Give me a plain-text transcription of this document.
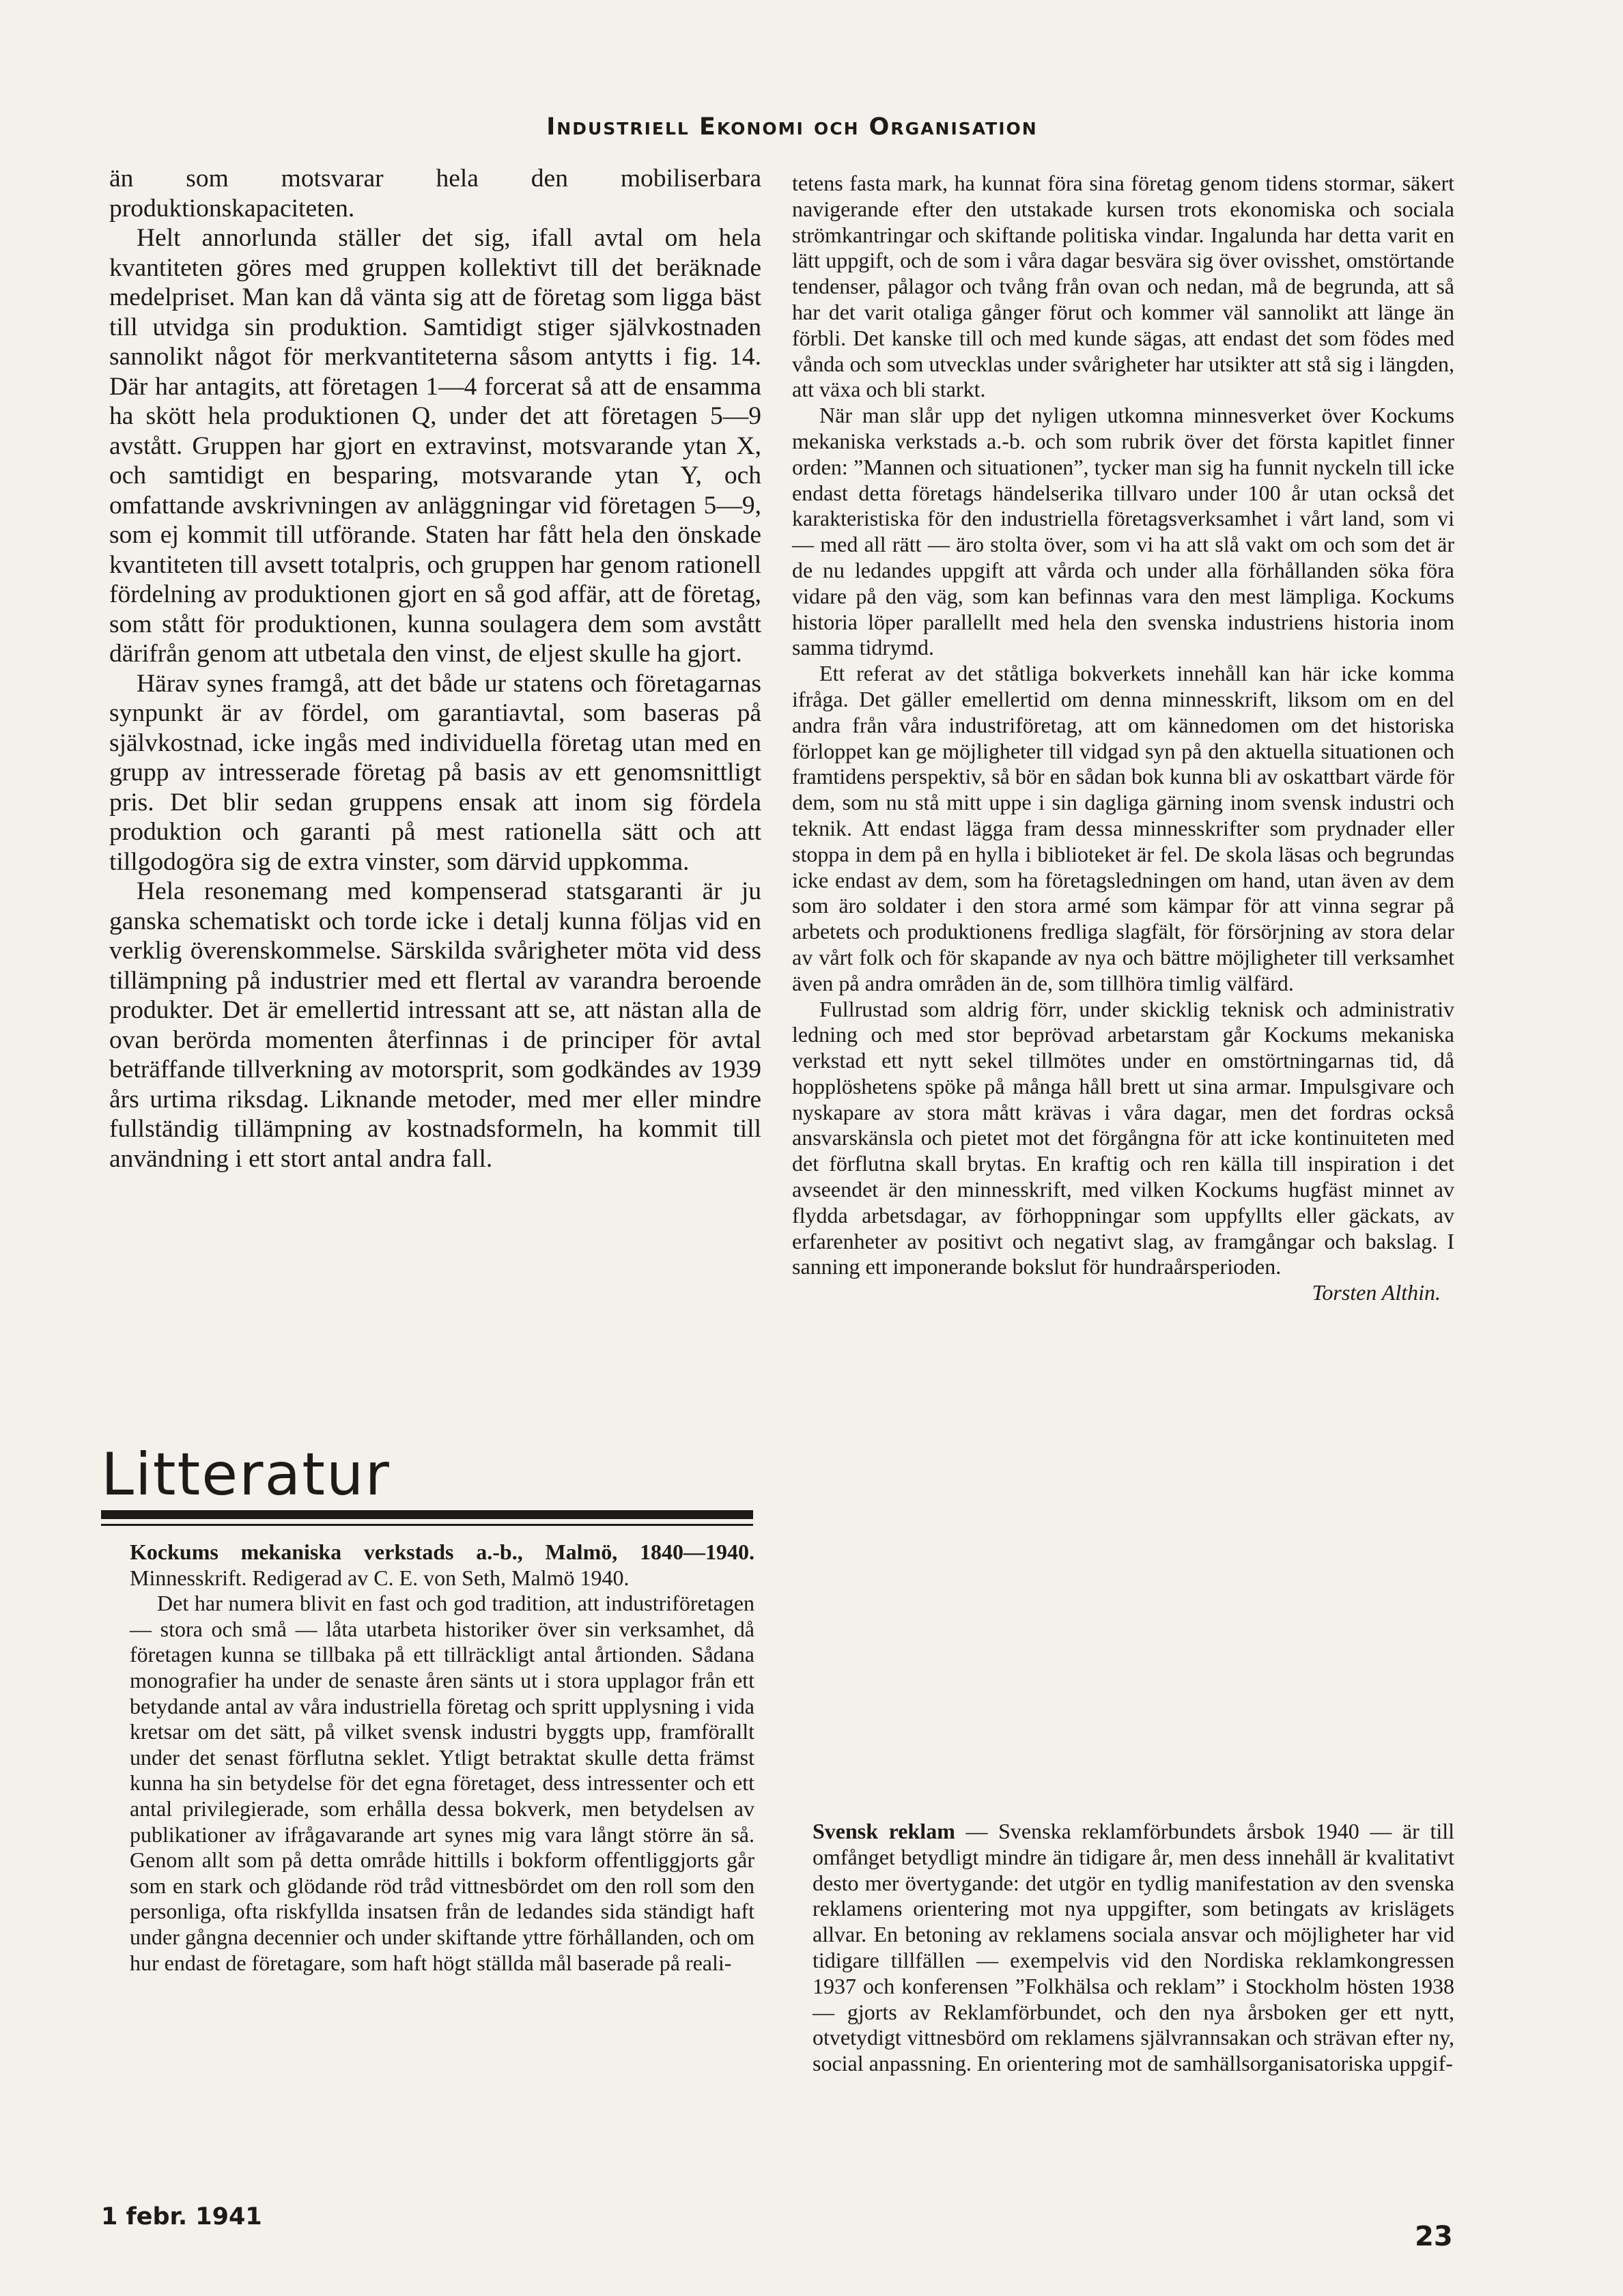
Industriell Ekonomi och Organisation

än som motsvarar hela den mobiliserbara produktionskapaciteten.

Helt annorlunda ställer det sig, ifall avtal om hela kvantiteten göres med gruppen kollektivt till det beräknade medelpriset. Man kan då vänta sig att de företag som ligga bäst till utvidga sin produktion. Samtidigt stiger självkostnaden sannolikt något för merkvantiteterna såsom antytts i fig. 14. Där har antagits, att företagen 1—4 forcerat så att de ensamma ha skött hela produktionen Q, under det att företagen 5—9 avstått. Gruppen har gjort en extravinst, motsvarande ytan X, och samtidigt en besparing, motsvarande ytan Y, och omfattande avskrivningen av anläggningar vid företagen 5—9, som ej kommit till utförande. Staten har fått hela den önskade kvantiteten till avsett totalpris, och gruppen har genom rationell fördelning av produktionen gjort en så god affär, att de företag, som stått för produktionen, kunna soulagera dem som avstått därifrån genom att utbetala den vinst, de eljest skulle ha gjort.

Härav synes framgå, att det både ur statens och företagarnas synpunkt är av fördel, om garantiavtal, som baseras på självkostnad, icke ingås med individuella företag utan med en grupp av intresserade företag på basis av ett genomsnittligt pris. Det blir sedan gruppens ensak att inom sig fördela produktion och garanti på mest rationella sätt och att tillgodogöra sig de extra vinster, som därvid uppkomma.

Hela resonemang med kompenserad statsgaranti är ju ganska schematiskt och torde icke i detalj kunna följas vid en verklig överenskommelse. Särskilda svårigheter möta vid dess tillämpning på industrier med ett flertal av varandra beroende produkter. Det är emellertid intressant att se, att nästan alla de ovan berörda momenten återfinnas i de principer för avtal beträffande tillverkning av motorsprit, som godkändes av 1939 års urtima riksdag. Liknande metoder, med mer eller mindre fullständig tillämpning av kostnadsformeln, ha kommit till användning i ett stort antal andra fall.

Litteratur

Kockums mekaniska verkstads a.-b., Malmö, 1840—1940. Minnesskrift. Redigerad av C. E. von Seth, Malmö 1940.

Det har numera blivit en fast och god tradition, att industriföretagen — stora och små — låta utarbeta historiker över sin verksamhet, då företagen kunna se tillbaka på ett tillräckligt antal årtionden. Sådana monografier ha under de senaste åren sänts ut i stora upplagor från ett betydande antal av våra industriella företag och spritt upplysning i vida kretsar om det sätt, på vilket svensk industri byggts upp, framförallt under det senast förflutna seklet. Ytligt betraktat skulle detta främst kunna ha sin betydelse för det egna företaget, dess intressenter och ett antal privilegierade, som erhålla dessa bokverk, men betydelsen av publikationer av ifrågavarande art synes mig vara långt större än så. Genom allt som på detta område hittills i bokform offentliggjorts går som en stark och glödande röd tråd vittnesbördet om den roll som den personliga, ofta riskfyllda insatsen från de ledandes sida ständigt haft under gångna decennier och under skiftande yttre förhållanden, och om hur endast de företagare, som haft högt ställda mål baserade på reali-

tetens fasta mark, ha kunnat föra sina företag genom tidens stormar, säkert navigerande efter den utstakade kursen trots ekonomiska och sociala strömkantringar och skiftande politiska vindar. Ingalunda har detta varit en lätt uppgift, och de som i våra dagar besvära sig över ovisshet, omstörtande tendenser, pålagor och tvång från ovan och nedan, må de begrunda, att så har det varit otaliga gånger förut och kommer väl sannolikt att länge än förbli. Det kanske till och med kunde sägas, att endast det som födes med vånda och som utvecklas under svårigheter har utsikter att stå sig i längden, att växa och bli starkt.

När man slår upp det nyligen utkomna minnesverket över Kockums mekaniska verkstads a.-b. och som rubrik över det första kapitlet finner orden: ”Mannen och situationen”, tycker man sig ha funnit nyckeln till icke endast detta företags händelserika tillvaro under 100 år utan också det karakteristiska för den industriella företagsverksamhet i vårt land, som vi — med all rätt — äro stolta över, som vi ha att slå vakt om och som det är de nu ledandes uppgift att vårda och under alla förhållanden söka föra vidare på den väg, som kan befinnas vara den mest lämpliga. Kockums historia löper parallellt med hela den svenska industriens historia inom samma tidrymd.

Ett referat av det ståtliga bokverkets innehåll kan här icke komma ifråga. Det gäller emellertid om denna minnesskrift, liksom om en del andra från våra industriföretag, att om kännedomen om det historiska förloppet kan ge möjligheter till vidgad syn på den aktuella situationen och framtidens perspektiv, så bör en sådan bok kunna bli av oskattbart värde för dem, som nu stå mitt uppe i sin dagliga gärning inom svensk industri och teknik. Att endast lägga fram dessa minnesskrifter som prydnader eller stoppa in dem på en hylla i biblioteket är fel. De skola läsas och begrundas icke endast av dem, som ha företagsledningen om hand, utan även av dem som äro soldater i den stora armé som kämpar för att vinna segrar på arbetets och produktionens fredliga slagfält, för försörjning av stora delar av vårt folk och för skapande av nya och bättre möjligheter till verksamhet även på andra områden än de, som tillhöra timlig välfärd.

Fullrustad som aldrig förr, under skicklig teknisk och administrativ ledning och med stor beprövad arbetarstam går Kockums mekaniska verkstad ett nytt sekel tillmötes under en omstörtningarnas tid, då hopplöshetens spöke på många håll brett ut sina armar. Impulsgivare och nyskapare av stora mått krävas i våra dagar, men det fordras också ansvarskänsla och pietet mot det förgångna för att icke kontinuiteten med det förflutna skall brytas. En kraftig och ren källa till inspiration i det avseendet är den minnesskrift, med vilken Kockums hugfäst minnet av flydda arbetsdagar, av förhoppningar som uppfyllts eller gäckats, av erfarenheter av positivt och negativt slag, av framgångar och bakslag. I sanning ett imponerande bokslut för hundraårsperioden.

Torsten Althin.

Svensk reklam — Svenska reklamförbundets årsbok 1940 — är till omfånget betydligt mindre än tidigare år, men dess innehåll är kvalitativt desto mer övertygande: det utgör en tydlig manifestation av den svenska reklamens orientering mot nya uppgifter, som betingats av krislägets allvar. En betoning av reklamens sociala ansvar och möjligheter har vid tidigare tillfällen — exempelvis vid den Nordiska reklamkongressen 1937 och konferensen ”Folkhälsa och reklam” i Stockholm hösten 1938 — gjorts av Reklamförbundet, och den nya årsboken ger ett nytt, otvetydigt vittnesbörd om reklamens självrannsakan och strävan efter ny, social anpassning. En orientering mot de samhällsorganisatoriska uppgif-

1 febr. 1941
23
